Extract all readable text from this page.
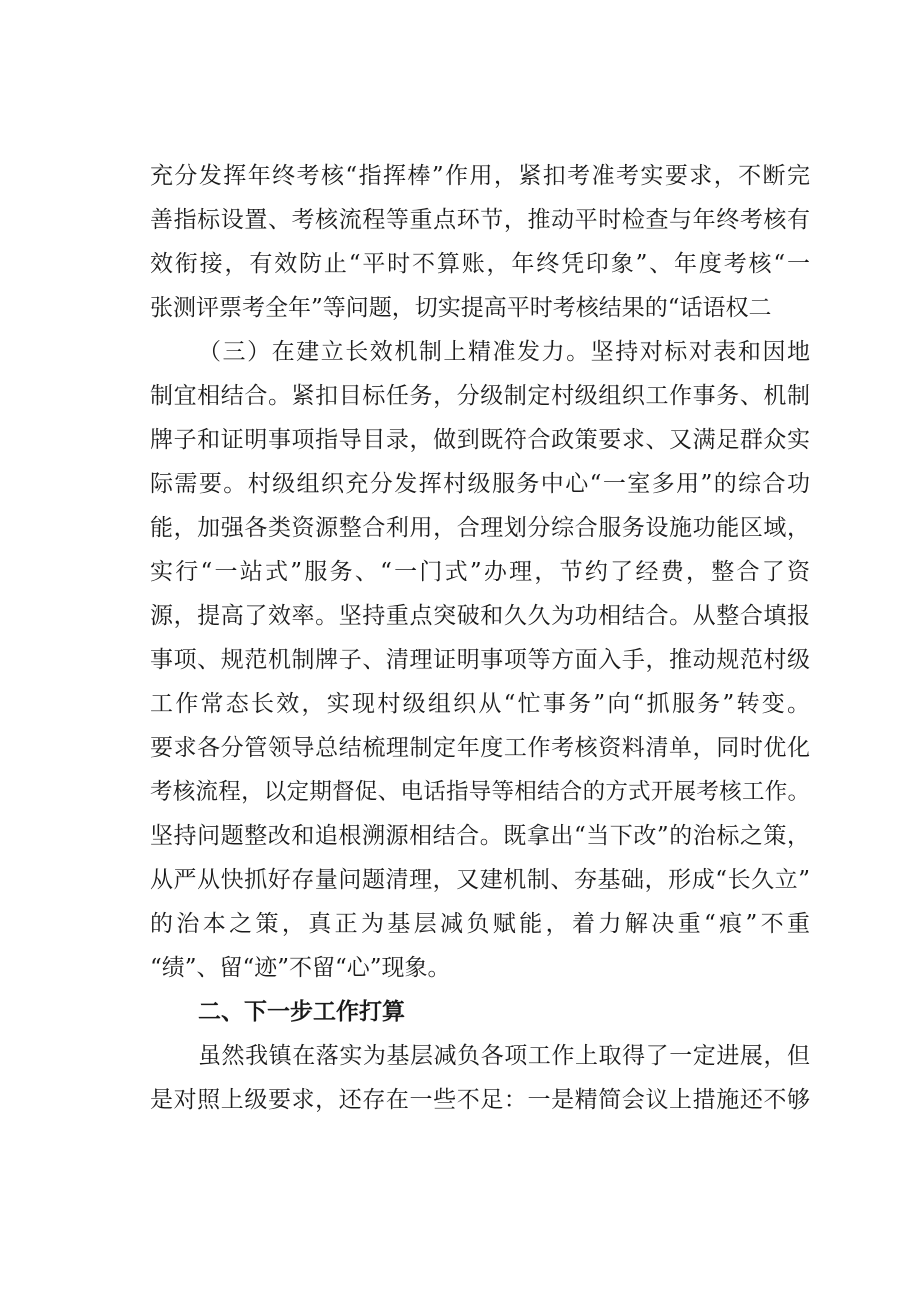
充分发挥年终考核“指挥棒”作用，紧扣考准考实要求，不断完
善指标设置、考核流程等重点环节，推动平时检查与年终考核有
效衔接，有效防止“平时不算账，年终凭印象”、年度考核“一
张测评票考全年”等问题，切实提高平时考核结果的“话语权二
（三）在建立长效机制上精准发力。坚持对标对表和因地
制宜相结合。紧扣目标任务，分级制定村级组织工作事务、机制
牌子和证明事项指导目录，做到既符合政策要求、又满足群众实
际需要。村级组织充分发挥村级服务中心“一室多用”的综合功
能，加强各类资源整合利用，合理划分综合服务设施功能区域，
实行“一站式”服务、“一门式”办理，节约了经费，整合了资
源，提高了效率。坚持重点突破和久久为功相结合。从整合填报
事项、规范机制牌子、清理证明事项等方面入手，推动规范村级
工作常态长效，实现村级组织从“忙事务”向“抓服务”转变。
要求各分管领导总结梳理制定年度工作考核资料清单，同时优化
考核流程，以定期督促、电话指导等相结合的方式开展考核工作。
坚持问题整改和追根溯源相结合。既拿出“当下改”的治标之策，
从严从快抓好存量问题清理，又建机制、夯基础，形成“长久立”
的治本之策，真正为基层减负赋能，着力解决重“痕”不重
“绩”、留“迹”不留“心”现象。
二、下一步工作打算
虽然我镇在落实为基层减负各项工作上取得了一定进展，但
是对照上级要求，还存在一些不足：一是精简会议上措施还不够
